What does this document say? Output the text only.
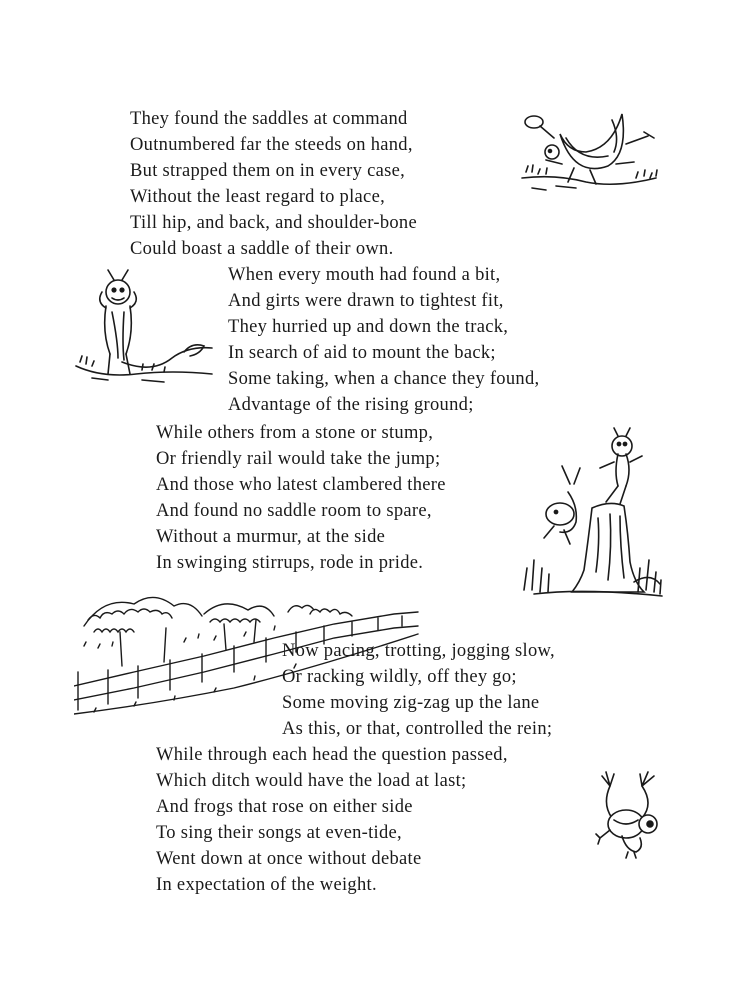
They found the saddles at command
Outnumbered far the steeds on hand,
But strapped them on in every case,
Without the least regard to place,
Till hip, and back, and shoulder-bone
Could boast a saddle of their own.
When every mouth had found a bit,
And girts were drawn to tightest fit,
They hurried up and down the track,
In search of aid to mount the back;
Some taking, when a chance they found,
Advantage of the rising ground;
While others from a stone or stump,
Or friendly rail would take the jump;
And those who latest clambered there
And found no saddle room to spare,
Without a murmur, at the side
In swinging stirrups, rode in pride.
Now pacing, trotting, jogging slow,
Or racking wildly, off they go;
Some moving zig-zag up the lane
As this, or that, controlled the rein;
While through each head the question passed,
Which ditch would have the load at last;
And frogs that rose on either side
To sing their songs at even-tide,
Went down at once without debate
In expectation of the weight.
